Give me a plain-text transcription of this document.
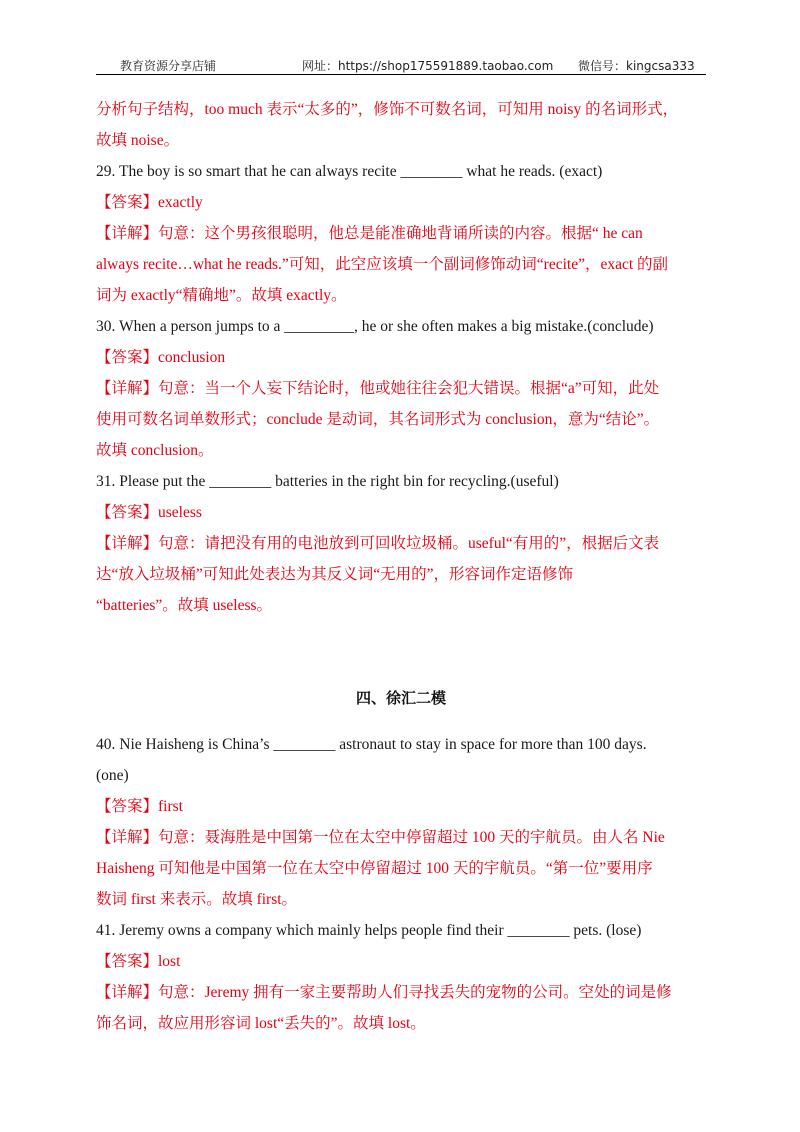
教育资源分享店铺	网址：https://shop175591889.taobao.com 微信号：kingcsa333

分析句子结构，too much 表示“太多的”，修饰不可数名词，可知用 noisy 的名词形式，

故填 noise。

29. The boy is so smart that he can always recite ________ what he reads. (exact)

【答案】exactly

【详解】句意：这个男孩很聪明，他总是能准确地背诵所读的内容。根据“ he can

always recite…what he reads.”可知，此空应该填一个副词修饰动词“recite”，exact 的副

词为 exactly“精确地”。故填 exactly。

30. When a person jumps to a _________, he or she often makes a big mistake.(conclude)

【答案】conclusion

【详解】句意：当一个人妄下结论时，他或她往往会犯大错误。根据“a”可知，此处

使用可数名词单数形式；conclude 是动词，其名词形式为 conclusion，意为“结论”。

故填 conclusion。

31. Please put the ________ batteries in the right bin for recycling.(useful)

【答案】useless

【详解】句意：请把没有用的电池放到可回收垃圾桶。useful“有用的”，根据后文表

达“放入垃圾桶”可知此处表达为其反义词“无用的”，形容词作定语修饰

“batteries”。故填 useless。

四、徐汇二模

40. Nie Haisheng is China’s ________ astronaut to stay in space for more than 100 days.

(one)

【答案】first

【详解】句意：聂海胜是中国第一位在太空中停留超过 100 天的宇航员。由人名 Nie

Haisheng 可知他是中国第一位在太空中停留超过 100 天的宇航员。“第一位”要用序

数词 first 来表示。故填 first。

41. Jeremy owns a company which mainly helps people find their ________ pets. (lose)

【答案】lost

【详解】句意：Jeremy 拥有一家主要帮助人们寻找丢失的宠物的公司。空处的词是修

饰名词，故应用形容词 lost“丢失的”。故填 lost。
